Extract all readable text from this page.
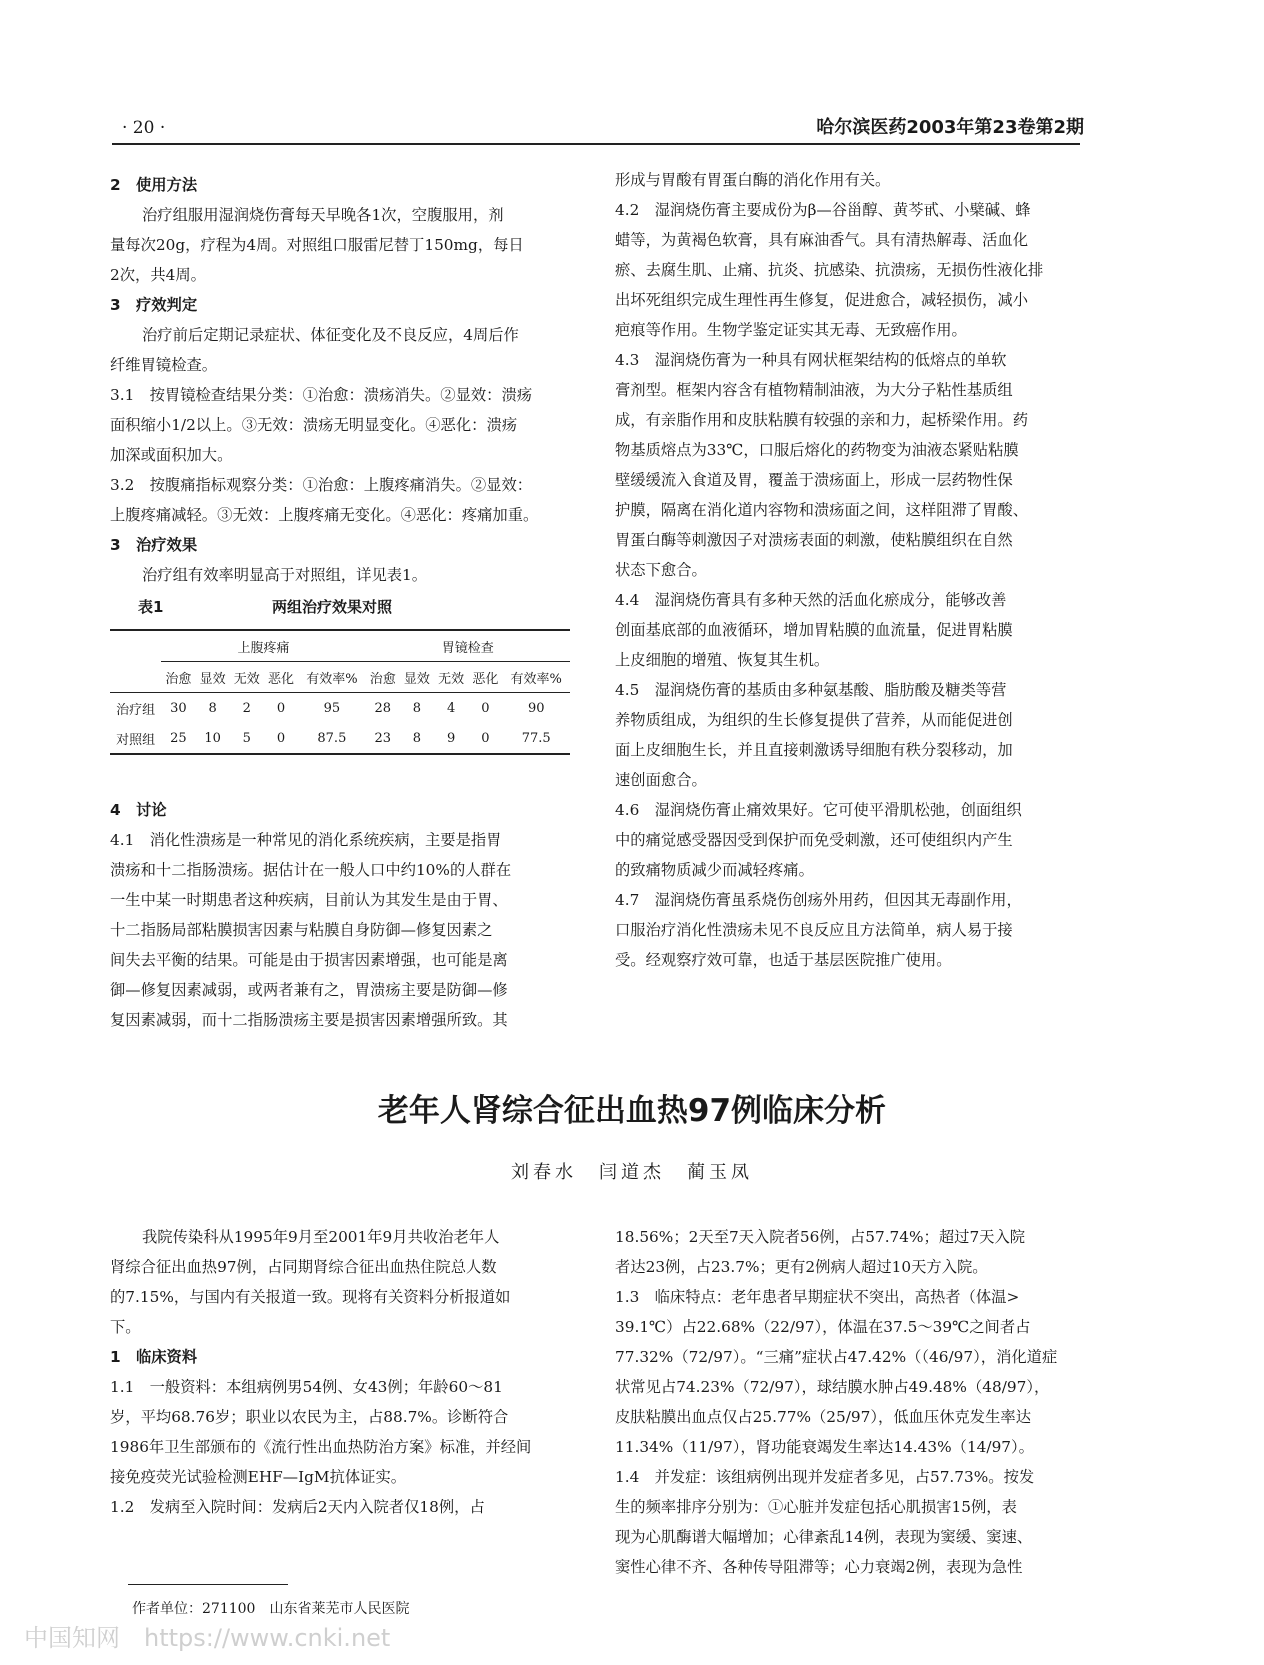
· 20 ·	哈尔滨医药2003年第23卷第2期

2　使用方法

治疗组服用湿润烧伤膏每天早晚各1次，空腹服用，剂

量每次20g，疗程为4周。对照组口服雷尼替丁150mg，每日

2次，共4周。

3　疗效判定

治疗前后定期记录症状、体征变化及不良反应，4周后作

纤维胃镜检查。

3.1　按胃镜检查结果分类：①治愈：溃疡消失。②显效：溃疡

面积缩小1/2以上。③无效：溃疡无明显变化。④恶化：溃疡

加深或面积加大。

3.2　按腹痛指标观察分类：①治愈：上腹疼痛消失。②显效：

上腹疼痛减轻。③无效：上腹疼痛无变化。④恶化：疼痛加重。

3　治疗效果

治疗组有效率明显高于对照组，详见表1。

表1	两组治疗效果对照
	上腹疼痛					胃镜检查				
	治愈	显效	无效	恶化	有效率%	治愈	显效	无效	恶化	有效率%
治疗组	30	8	2	0	95	28	8	4	0	90
对照组	25	10	5	0	87.5	23	8	9	0	77.5

4　讨论

4.1　消化性溃疡是一种常见的消化系统疾病，主要是指胃

溃疡和十二指肠溃疡。据估计在一般人口中约10%的人群在

一生中某一时期患者这种疾病，目前认为其发生是由于胃、

十二指肠局部粘膜损害因素与粘膜自身防御—修复因素之

间失去平衡的结果。可能是由于损害因素增强，也可能是离

御—修复因素减弱，或两者兼有之，胃溃疡主要是防御—修

复因素减弱，而十二指肠溃疡主要是损害因素增强所致。其

形成与胃酸有胃蛋白酶的消化作用有关。

4.2　湿润烧伤膏主要成份为β—谷甾醇、黄芩甙、小檗碱、蜂

蜡等，为黄褐色软膏，具有麻油香气。具有清热解毒、活血化

瘀、去腐生肌、止痛、抗炎、抗感染、抗溃疡，无损伤性液化排

出坏死组织完成生理性再生修复，促进愈合，减轻损伤，减小

疤痕等作用。生物学鉴定证实其无毒、无致癌作用。

4.3　湿润烧伤膏为一种具有网状框架结构的低熔点的单软

膏剂型。框架内容含有植物精制油液，为大分子粘性基质组

成，有亲脂作用和皮肤粘膜有较强的亲和力，起桥梁作用。药

物基质熔点为33℃，口服后熔化的药物变为油液态紧贴粘膜

壁缓缓流入食道及胃，覆盖于溃疡面上，形成一层药物性保

护膜，隔离在消化道内容物和溃疡面之间，这样阻滞了胃酸、

胃蛋白酶等刺激因子对溃疡表面的刺激，使粘膜组织在自然

状态下愈合。

4.4　湿润烧伤膏具有多种天然的活血化瘀成分，能够改善

创面基底部的血液循环，增加胃粘膜的血流量，促进胃粘膜

上皮细胞的增殖、恢复其生机。

4.5　湿润烧伤膏的基质由多种氨基酸、脂肪酸及糖类等营

养物质组成，为组织的生长修复提供了营养，从而能促进创

面上皮细胞生长，并且直接刺激诱导细胞有秩分裂移动，加

速创面愈合。

4.6　湿润烧伤膏止痛效果好。它可使平滑肌松弛，创面组织

中的痛觉感受器因受到保护而免受刺激，还可使组织内产生

的致痛物质减少而减轻疼痛。

4.7　湿润烧伤膏虽系烧伤创疡外用药，但因其无毒副作用，

口服治疗消化性溃疡未见不良反应且方法简单，病人易于接

受。经观察疗效可靠，也适于基层医院推广使用。

老年人肾综合征出血热97例临床分析
刘春水　闫道杰　蔺玉凤

我院传染科从1995年9月至2001年9月共收治老年人

肾综合征出血热97例，占同期肾综合征出血热住院总人数

的7.15%，与国内有关报道一致。现将有关资料分析报道如

下。

1　临床资料

1.1　一般资料：本组病例男54例、女43例；年龄60～81

岁，平均68.76岁；职业以农民为主，占88.7%。诊断符合

1986年卫生部颁布的《流行性出血热防治方案》标准，并经间

接免疫荧光试验检测EHF—IgM抗体证实。

1.2　发病至入院时间：发病后2天内入院者仅18例，占

18.56%；2天至7天入院者56例，占57.74%；超过7天入院

者达23例，占23.7%；更有2例病人超过10天方入院。

1.3　临床特点：老年患者早期症状不突出，高热者（体温>

39.1℃）占22.68%（22/97），体温在37.5～39℃之间者占

77.32%（72/97）。“三痛”症状占47.42%（（46/97），消化道症

状常见占74.23%（72/97），球结膜水肿占49.48%（48/97），

皮肤粘膜出血点仅占25.77%（25/97），低血压休克发生率达

11.34%（11/97），肾功能衰竭发生率达14.43%（14/97）。

1.4　并发症：该组病例出现并发症者多见，占57.73%。按发

生的频率排序分别为：①心脏并发症包括心肌损害15例，表

现为心肌酶谱大幅增加；心律紊乱14例，表现为窦缓、窦速、

窦性心律不齐、各种传导阻滞等；心力衰竭2例，表现为急性

作者单位：271100　山东省莱芜市人民医院
中国知网　https://www.cnki.net
